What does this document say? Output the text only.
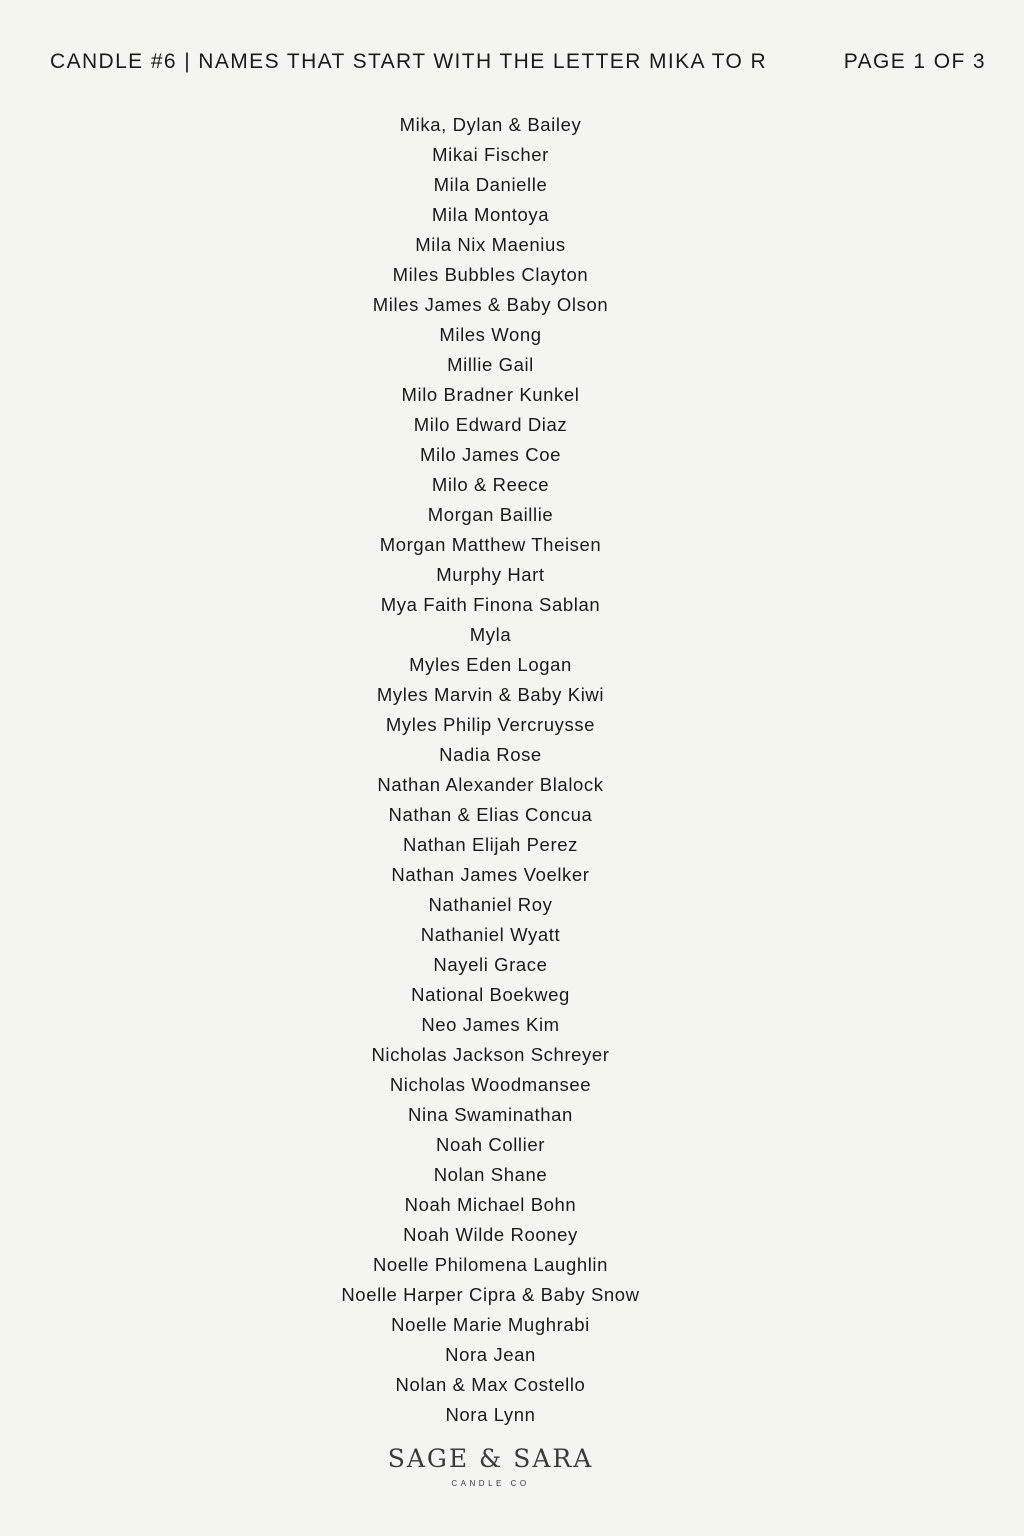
CANDLE #6 | NAMES THAT START WITH THE LETTER MIKA TO R	PAGE 1 OF 3
Mika, Dylan & Bailey
Mikai Fischer
Mila Danielle
Mila Montoya
Mila Nix Maenius
Miles Bubbles Clayton
Miles James & Baby Olson
Miles Wong
Millie Gail
Milo Bradner Kunkel
Milo Edward Diaz
Milo James Coe
Milo & Reece
Morgan Baillie
Morgan Matthew Theisen
Murphy Hart
Mya Faith Finona Sablan
Myla
Myles Eden Logan
Myles Marvin & Baby Kiwi
Myles Philip Vercruysse
Nadia Rose
Nathan Alexander Blalock
Nathan & Elias Concua
Nathan Elijah Perez
Nathan James Voelker
Nathaniel Roy
Nathaniel Wyatt
Nayeli Grace
National Boekweg
Neo James Kim
Nicholas Jackson Schreyer
Nicholas Woodmansee
Nina Swaminathan
Noah Collier
Nolan Shane
Noah Michael Bohn
Noah Wilde Rooney
Noelle Philomena Laughlin
Noelle Harper Cipra & Baby Snow
Noelle Marie Mughrabi
Nora Jean
Nolan & Max Costello
Nora Lynn
SAGE & SARA
CANDLE CO
